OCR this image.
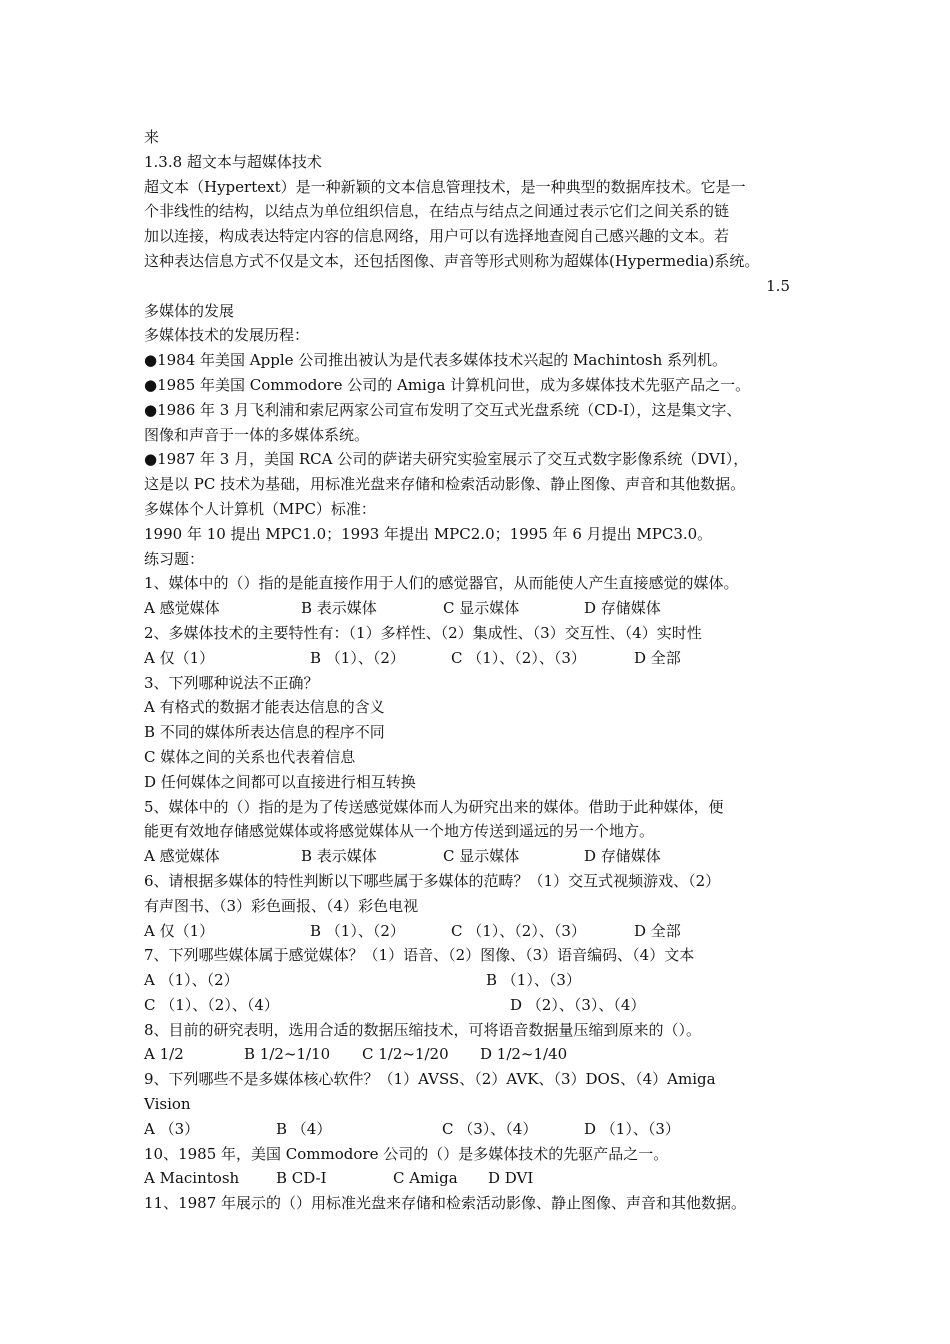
来
1.3.8 超文本与超媒体技术
超文本（Hypertext）是一种新颖的文本信息管理技术，是一种典型的数据库技术。它是一
个非线性的结构，以结点为单位组织信息，在结点与结点之间通过表示它们之间关系的链
加以连接，构成表达特定内容的信息网络，用户可以有选择地查阅自己感兴趣的文本。若
这种表达信息方式不仅是文本，还包括图像、声音等形式则称为超媒体(Hypermedia)系统。
1.5
多媒体的发展
多媒体技术的发展历程：
●1984 年美国 Apple 公司推出被认为是代表多媒体技术兴起的 Machintosh 系列机。
●1985 年美国 Commodore 公司的 Amiga 计算机问世，成为多媒体技术先驱产品之一。
●1986 年 3 月飞利浦和索尼两家公司宣布发明了交互式光盘系统（CD-I），这是集文字、
图像和声音于一体的多媒体系统。
●1987 年 3 月，美国 RCA 公司的萨诺夫研究实验室展示了交互式数字影像系统（DVI），
这是以 PC 技术为基础，用标准光盘来存储和检索活动影像、静止图像、声音和其他数据。
多媒体个人计算机（MPC）标准：
1990 年 10 提出 MPC1.0；1993 年提出 MPC2.0；1995 年 6 月提出 MPC3.0。
练习题：
1、媒体中的（）指的是能直接作用于人们的感觉器官，从而能使人产生直接感觉的媒体。
A 感觉媒体	B 表示媒体	C 显示媒体	D 存储媒体
2、多媒体技术的主要特性有：（1）多样性、（2）集成性、（3）交互性、（4）实时性
A 仅（1）	B （1）、（2）	C （1）、（2）、（3）	D 全部
3、下列哪种说法不正确？
A 有格式的数据才能表达信息的含义
B 不同的媒体所表达信息的程序不同
C 媒体之间的关系也代表着信息
D 任何媒体之间都可以直接进行相互转换
5、媒体中的（）指的是为了传送感觉媒体而人为研究出来的媒体。借助于此种媒体，便
能更有效地存储感觉媒体或将感觉媒体从一个地方传送到遥远的另一个地方。
A 感觉媒体	B 表示媒体	C 显示媒体	D 存储媒体
6、请根据多媒体的特性判断以下哪些属于多媒体的范畴？（1）交互式视频游戏、（2）
有声图书、（3）彩色画报、（4）彩色电视
A 仅（1）	B （1）、（2）	C （1）、（2）、（3）	D 全部
7、下列哪些媒体属于感觉媒体？（1）语音、（2）图像、（3）语音编码、（4）文本
A （1）、（2）	B （1）、（3）
C （1）、（2）、（4）	D （2）、（3）、（4）
8、目前的研究表明，选用合适的数据压缩技术，可将语音数据量压缩到原来的（）。
A 1/2	B 1/2~1/10 C 1/2~1/20 D 1/2~1/40
9、下列哪些不是多媒体核心软件？（1）AVSS、（2）AVK、（3）DOS、（4）Amiga
Vision
A （3）	B （4）	C （3）、（4）	D （1）、（3）
10、1985 年，美国 Commodore 公司的（）是多媒体技术的先驱产品之一。
A Macintosh B CD-I	C Amiga D DVI
11、1987 年展示的（）用标准光盘来存储和检索活动影像、静止图像、声音和其他数据。
